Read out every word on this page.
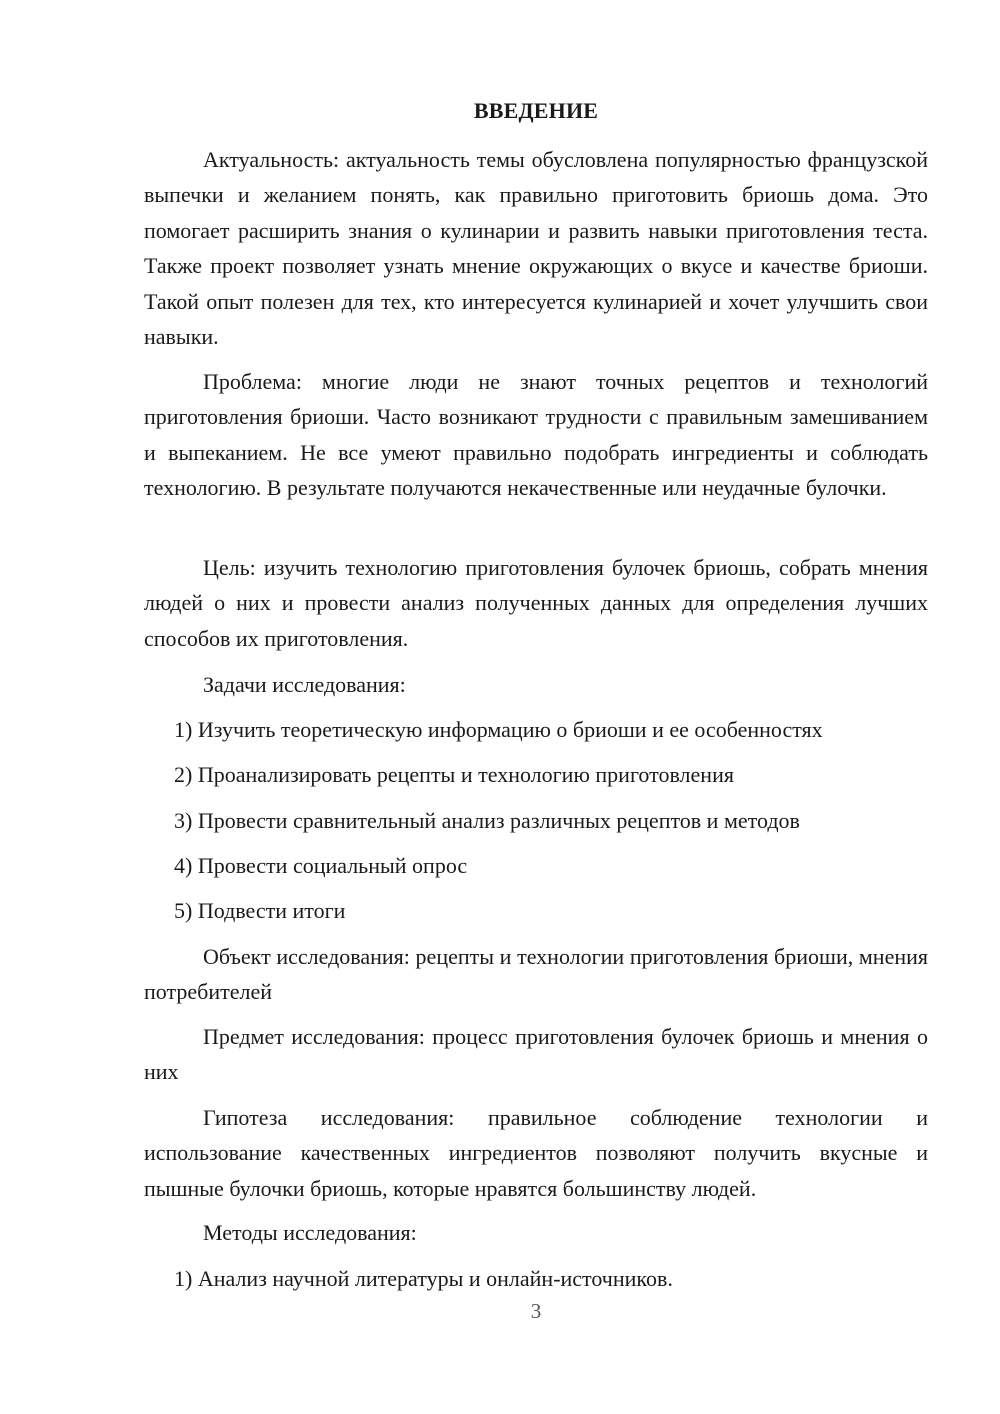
ВВЕДЕНИЕ

Актуальность: актуальность темы обусловлена популярностью французской выпечки и желанием понять, как правильно приготовить бриошь дома. Это помогает расширить знания о кулинарии и развить навыки приготовления теста. Также проект позволяет узнать мнение окружающих о вкусе и качестве бриоши. Такой опыт полезен для тех, кто интересуется кулинарией и хочет улучшить свои навыки.

Проблема: многие люди не знают точных рецептов и технологий приготовления бриоши. Часто возникают трудности с правильным замешиванием и выпеканием. Не все умеют правильно подобрать ингредиенты и соблюдать технологию. В результате получаются некачественные или неудачные булочки.

Цель: изучить технологию приготовления булочек бриошь, собрать мнения людей о них и провести анализ полученных данных для определения лучших способов их приготовления.

Задачи исследования:

1) Изучить теоретическую информацию о бриоши и ее особенностях

2) Проанализировать рецепты и технологию приготовления

3) Провести сравнительный анализ различных рецептов и методов

4) Провести социальный опрос

5) Подвести итоги

Объект исследования: рецепты и технологии приготовления бриоши, мнения потребителей

Предмет исследования: процесс приготовления булочек бриошь и мнения о них

Гипотеза исследования: правильное соблюдение технологии и использование качественных ингредиентов позволяют получить вкусные и пышные булочки бриошь, которые нравятся большинству людей.

Методы исследования:

1) Анализ научной литературы и онлайн-источников.

3
